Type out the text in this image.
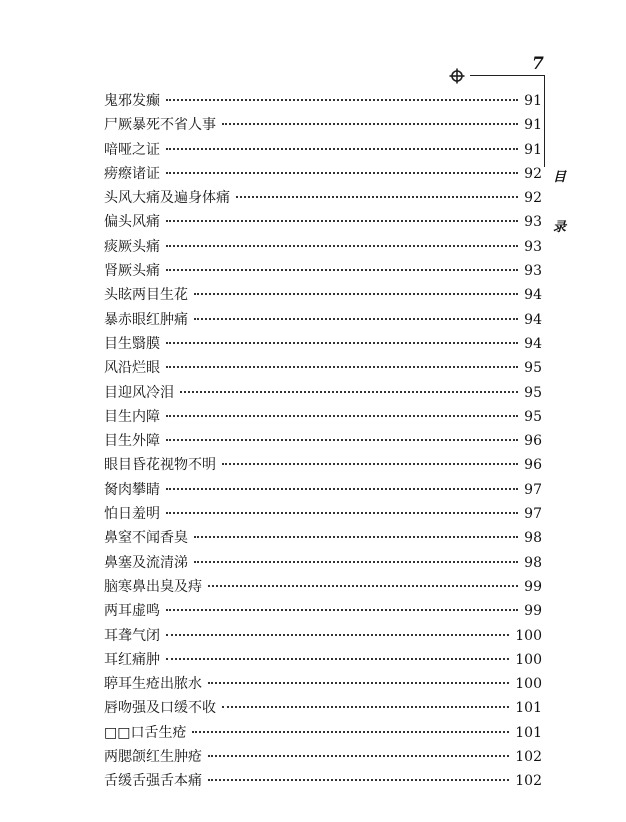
7
目
录
鬼邪发癫	91
尸厥暴死不省人事	91
喑哑之证	91
痨瘵诸证	92
头风大痛及遍身体痛	92
偏头风痛	93
痰厥头痛	93
肾厥头痛	93
头眩两目生花	94
暴赤眼红肿痛	94
目生翳膜	94
风沿烂眼	95
目迎风冷泪	95
目生内障	95
目生外障	96
眼目昏花视物不明	96
胬肉攀睛	97
怕日羞明	97
鼻窒不闻香臭	98
鼻塞及流清涕	98
脑寒鼻出臭及痔	99
两耳虚鸣	99
耳聋气闭	100
耳红痛肿	100
聤耳生疮出脓水	100
唇吻强及口缓不收	101
□□口舌生疮	101
两腮颌红生肿疮	102
舌缓舌强舌本痛	102
